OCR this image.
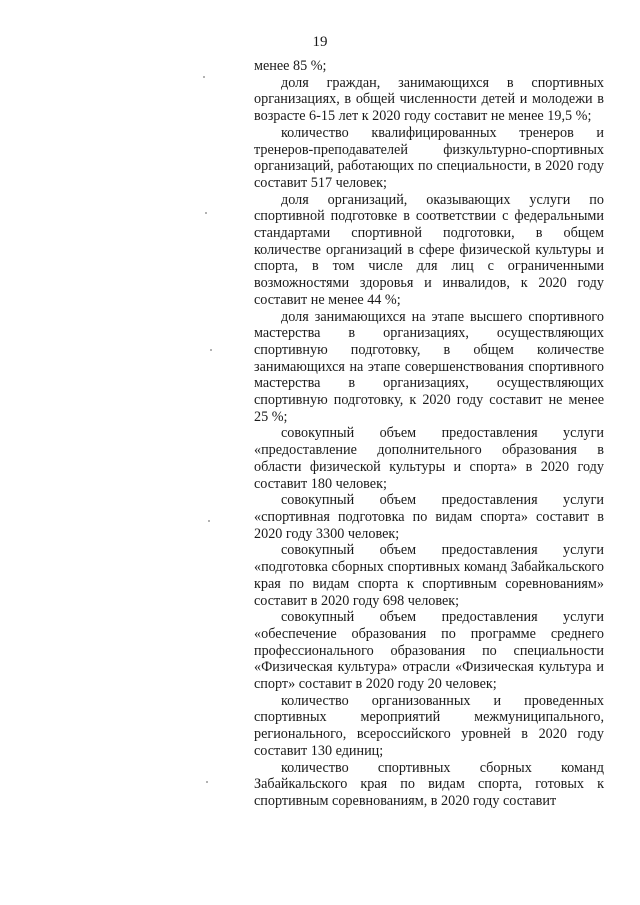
19

менее 85 %;

доля граждан, занимающихся в спортивных организациях, в общей численности детей и молодежи в возрасте 6-15 лет к 2020 году составит не менее 19,5 %;

количество квалифицированных тренеров и тренеров-преподавателей физкультурно-спортивных организаций, работающих по специальности, в 2020 году составит 517 человек;

доля организаций, оказывающих услуги по спортивной подготовке в соответствии с федеральными стандартами спортивной подготовки, в общем количестве организаций в сфере физической культуры и спорта, в том числе для лиц с ограниченными возможностями здоровья и инвалидов, к 2020 году составит не менее 44 %;

доля занимающихся на этапе высшего спортивного мастерства в организациях, осуществляющих спортивную подготовку, в общем количестве занимающихся на этапе совершенствования спортивного мастерства в организациях, осуществляющих спортивную подготовку, к 2020 году составит не менее 25 %;

совокупный объем предоставления услуги «предоставление дополнительного образования в области физической культуры и спорта» в 2020 году составит 180 человек;

совокупный объем предоставления услуги «спортивная подготовка по видам спорта» составит в 2020 году 3300 человек;

совокупный объем предоставления услуги «подготовка сборных спортивных команд Забайкальского края по видам спорта к спортивным соревнованиям» составит в 2020 году 698 человек;

совокупный объем предоставления услуги «обеспечение образования по программе среднего профессионального образования по специальности «Физическая культура» отрасли «Физическая культура и спорт» составит в 2020 году 20 человек;

количество организованных и проведенных спортивных мероприятий межмуниципального, регионального, всероссийского уровней в 2020 году составит 130 единиц;

количество спортивных сборных команд Забайкальского края по видам спорта, готовых к спортивным соревнованиям, в 2020 году составит
